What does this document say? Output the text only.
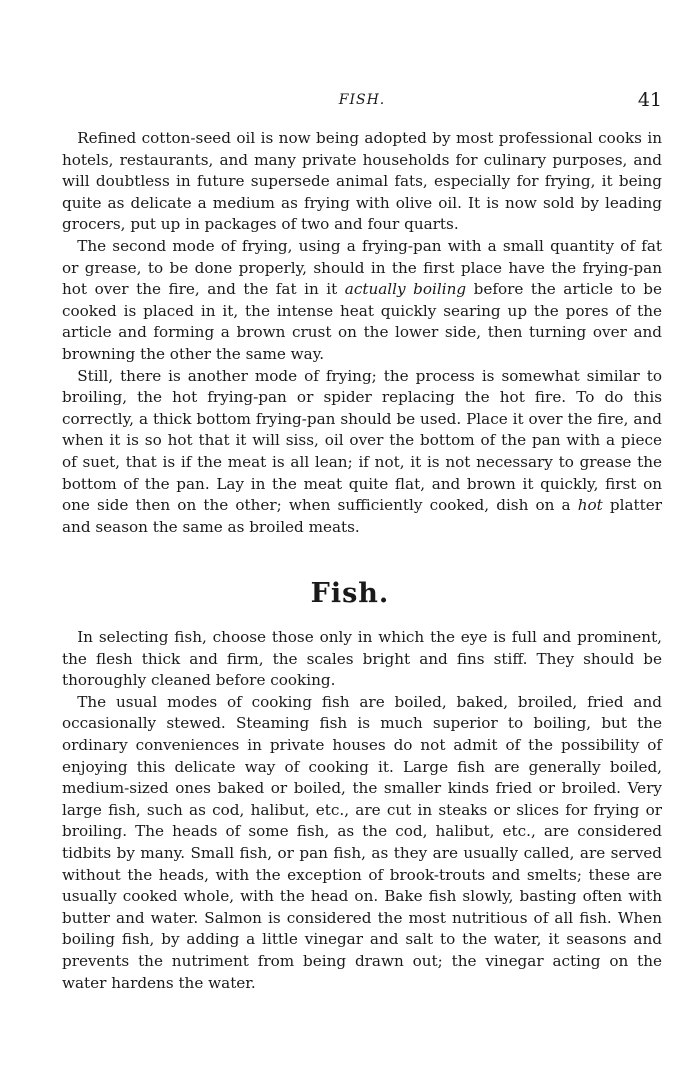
FISH.	41

 Refined cotton-seed oil is now being adopted by most professional cooks in hotels, restaurants, and many private households for culinary purposes, and will doubtless in future supersede animal fats, especially for frying, it being quite as delicate a medium as frying with olive oil. It is now sold by leading grocers, put up in packages of two and four quarts.

 The second mode of frying, using a frying-pan with a small quantity of fat or grease, to be done properly, should in the first place have the frying-pan hot over the fire, and the fat in it actually boiling before the article to be cooked is placed in it, the intense heat quickly searing up the pores of the article and forming a brown crust on the lower side, then turning over and browning the other the same way.

 Still, there is another mode of frying; the process is somewhat similar to broiling, the hot frying-pan or spider replacing the hot fire. To do this correctly, a thick bottom frying-pan should be used. Place it over the fire, and when it is so hot that it will siss, oil over the bottom of the pan with a piece of suet, that is if the meat is all lean; if not, it is not necessary to grease the bottom of the pan. Lay in the meat quite flat, and brown it quickly, first on one side then on the other; when sufficiently cooked, dish on a hot platter and season the same as broiled meats.

Fish.

 In selecting fish, choose those only in which the eye is full and prominent, the flesh thick and firm, the scales bright and fins stiff. They should be thoroughly cleaned before cooking.

 The usual modes of cooking fish are boiled, baked, broiled, fried and occasionally stewed. Steaming fish is much superior to boiling, but the ordinary conveniences in private houses do not admit of the possibility of enjoying this delicate way of cooking it. Large fish are generally boiled, medium-sized ones baked or boiled, the smaller kinds fried or broiled. Very large fish, such as cod, halibut, etc., are cut in steaks or slices for frying or broiling. The heads of some fish, as the cod, halibut, etc., are considered tidbits by many. Small fish, or pan fish, as they are usually called, are served without the heads, with the exception of brook-trouts and smelts; these are usually cooked whole, with the head on. Bake fish slowly, basting often with butter and water. Salmon is considered the most nutritious of all fish. When boiling fish, by adding a little vinegar and salt to the water, it seasons and prevents the nutriment from being drawn out; the vinegar acting on the water hardens the water.
